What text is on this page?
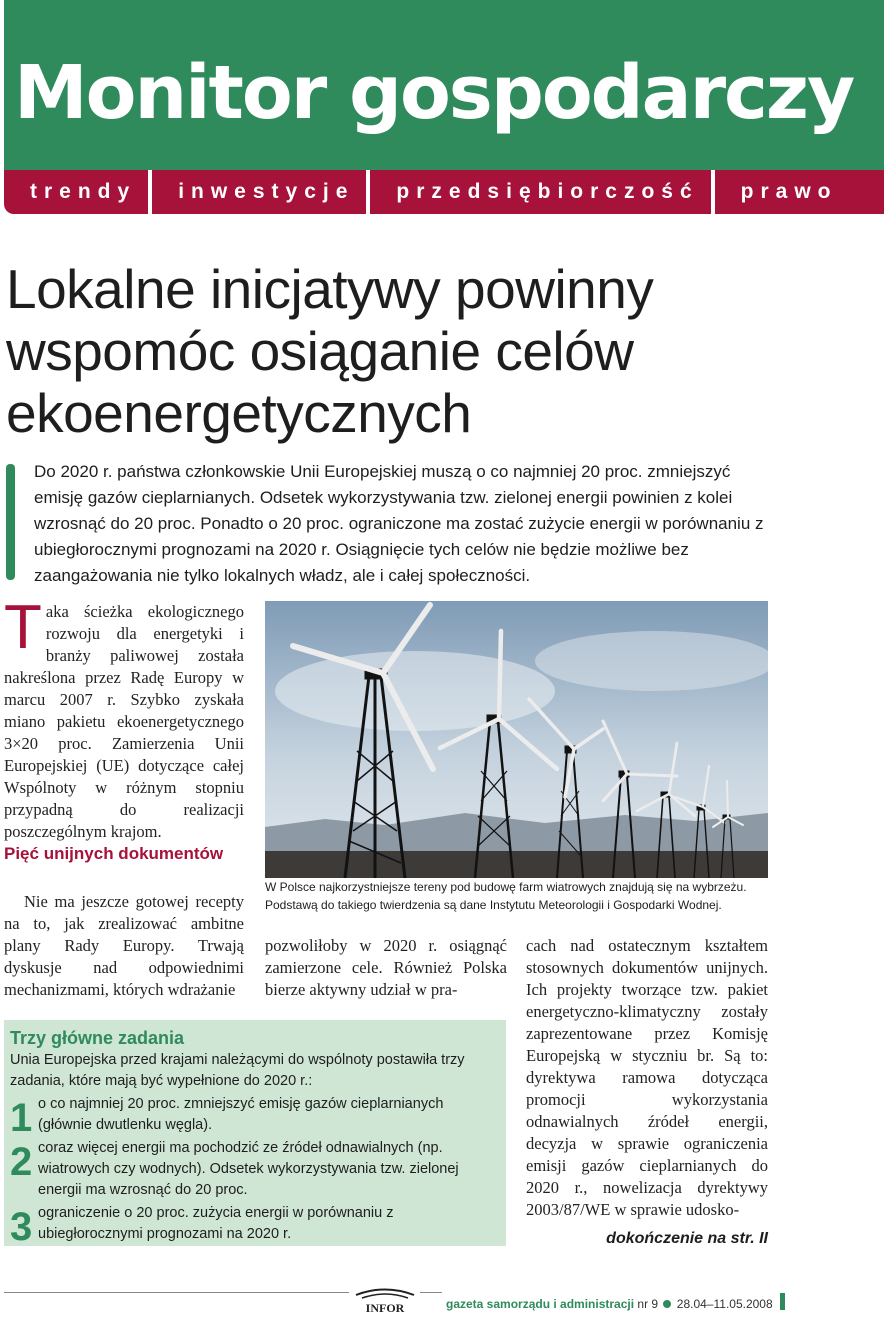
Monitor gospodarczy
trendy	inwestycje	przedsiębiorczość	prawo
Lokalne inicjatywy powinny wspomóc osiąganie celów ekoenergetycznych

Do 2020 r. państwa członkowskie Unii Europejskiej muszą o co najmniej 20 proc. zmniejszyć emisję gazów cieplarnianych. Odsetek wykorzystywania tzw. zielonej energii powinien z kolei wzrosnąć do 20 proc. Ponadto o 20 proc. ograniczone ma zostać zużycie energii w porównaniu z ubiegłorocznymi prognozami na 2020 r. Osiągnięcie tych celów nie będzie możliwe bez zaangażowania nie tylko lokalnych władz, ale i całej społeczności.

Taka ścieżka ekologicznego rozwoju dla energetyki i branży paliwowej została nakreślona przez Radę Europy w marcu 2007 r. Szybko zyskała miano pakietu ekoenergetycznego 3×20 proc. Zamierzenia Unii Europejskiej (UE) dotyczące całej Wspólnoty w różnym stopniu przypadną do realizacji poszczególnym krajom.

Pięć unijnych dokumentów

Nie ma jeszcze gotowej recepty na to, jak zrealizować ambitne plany Rady Europy. Trwają dyskusje nad odpowiednimi mechanizmami, których wdrażanie

W Polsce najkorzystniejsze tereny pod budowę farm wiatrowych znajdują się na wybrzeżu. Podstawą do takiego twierdzenia są dane Instytutu Meteorologii i Gospodarki Wodnej.

pozwoliłoby w 2020 r. osiągnąć zamierzone cele. Również Polska bierze aktywny udział w pra-

cach nad ostatecznym kształtem stosownych dokumentów unijnych. Ich projekty tworzące tzw. pakiet energetyczno-klimatyczny zostały zaprezentowane przez Komisję Europejską w styczniu br. Są to: dyrektywa ramowa dotycząca promocji wykorzystania odnawialnych źródeł energii, decyzja w sprawie ograniczenia emisji gazów cieplarnianych do 2020 r., nowelizacja dyrektywy 2003/87/WE w sprawie udosko-

dokończenie na str. II

Trzy główne zadania

Unia Europejska przed krajami należącymi do wspólnoty postawiła trzy zadania, które mają być wypełnione do 2020 r.:

1 o co najmniej 20 proc. zmniejszyć emisję gazów cieplarnianych (głównie dwutlenku węgla).
2 coraz więcej energii ma pochodzić ze źródeł odnawialnych (np. wiatrowych czy wodnych). Odsetek wykorzystywania tzw. zielonej energii ma wzrosnąć do 20 proc.
3 ograniczenie o 20 proc. zużycia energii w porównaniu z ubiegłorocznymi prognozami na 2020 r.
INFOR	gazeta samorządu i administracji nr 9 28.04–11.05.2008
